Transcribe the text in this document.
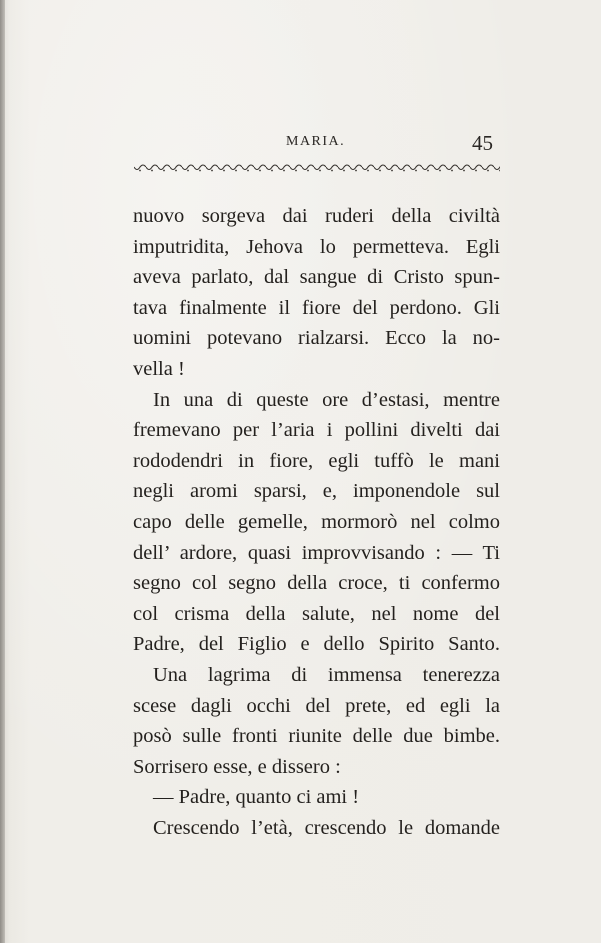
MARIA.	45
nuovo sorgeva dai ruderi della civiltà
imputridita, Jehova lo permetteva. Egli
aveva parlato, dal sangue di Cristo spun-
tava finalmente il fiore del perdono. Gli
uomini potevano rialzarsi. Ecco la no-
vella !
In una di queste ore d’estasi, mentre
fremevano per l’aria i pollini divelti dai
rododendri in fiore, egli tuffò le mani
negli aromi sparsi, e, imponendole sul
capo delle gemelle, mormorò nel colmo
dell’ ardore, quasi improvvisando : — Ti
segno col segno della croce, ti confermo
col crisma della salute, nel nome del
Padre, del Figlio e dello Spirito Santo.
Una lagrima di immensa tenerezza
scese dagli occhi del prete, ed egli la
posò sulle fronti riunite delle due bimbe.
Sorrisero esse, e dissero :
— Padre, quanto ci ami !
Crescendo l’età, crescendo le domande
